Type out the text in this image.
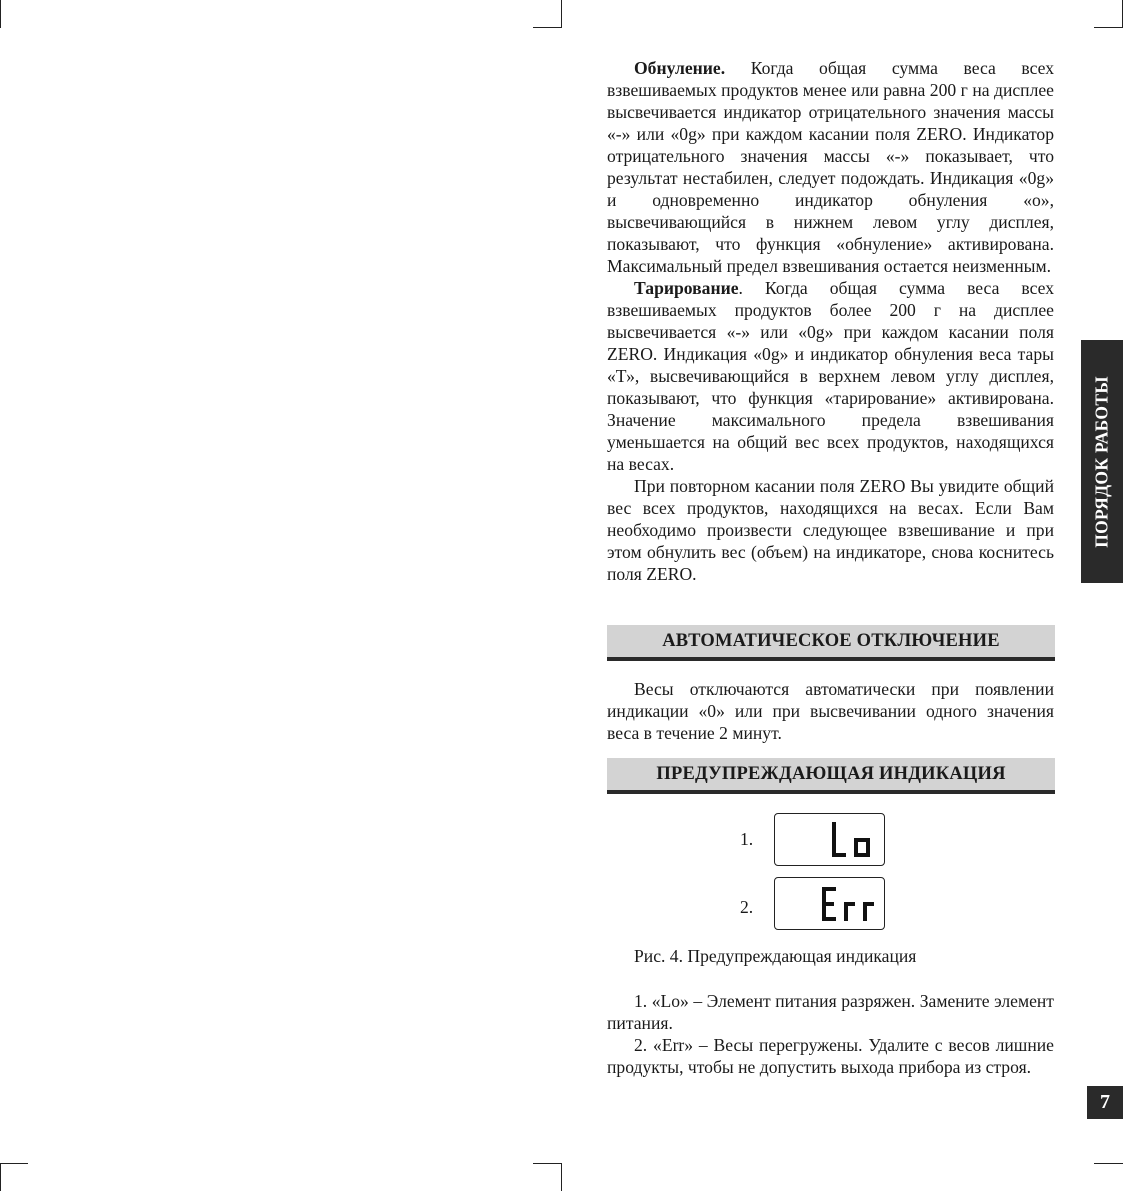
Обнуление. Когда общая сумма веса всех взвешиваемых продуктов менее или равна 200 г на дисплее высвечивается индикатор отрицательного значения массы «-» или «0g» при каждом касании поля ZERO. Индикатор отрицательного значения массы «-» показывает, что результат нестабилен, следует подождать. Индикация «0g» и одновременно индикатор обнуления «о», высвечивающийся в нижнем левом углу дисплея, показывают, что функция «обнуление» активирована. Максимальный предел взвешивания остается неизменным.

Тарирование. Когда общая сумма веса всех взвешиваемых продуктов более 200 г на дисплее высвечивается «-» или «0g» при каждом касании поля ZERO. Индикация «0g» и индикатор обнуления веса тары «Т», высвечивающийся в верхнем левом углу дисплея, показывают, что функция «тарирование» активирована. Значение максимального предела взвешивания уменьшается на общий вес всех продуктов, находящихся на весах.

При повторном касании поля ZERO Вы увидите общий вес всех продуктов, находящихся на весах. Если Вам необходимо произвести следующее взвешивание и при этом обнулить вес (объем) на индикаторе, снова коснитесь поля ZERO.

АВТОМАТИЧЕСКОЕ ОТКЛЮЧЕНИЕ

Весы отключаются автоматически при появлении индикации «0» или при высвечивании одного значения веса в течение 2 минут.

ПРЕДУПРЕЖДАЮЩАЯ ИНДИКАЦИЯ
1.
2.

Рис. 4. Предупреждающая индикация

1. «Lo» – Элемент питания разряжен. Замените элемент питания.

2. «Err» – Весы перегружены. Удалите с весов лишние продукты, чтобы не допустить выхода прибора из строя.

ПОРЯДОК РАБОТЫ
7
